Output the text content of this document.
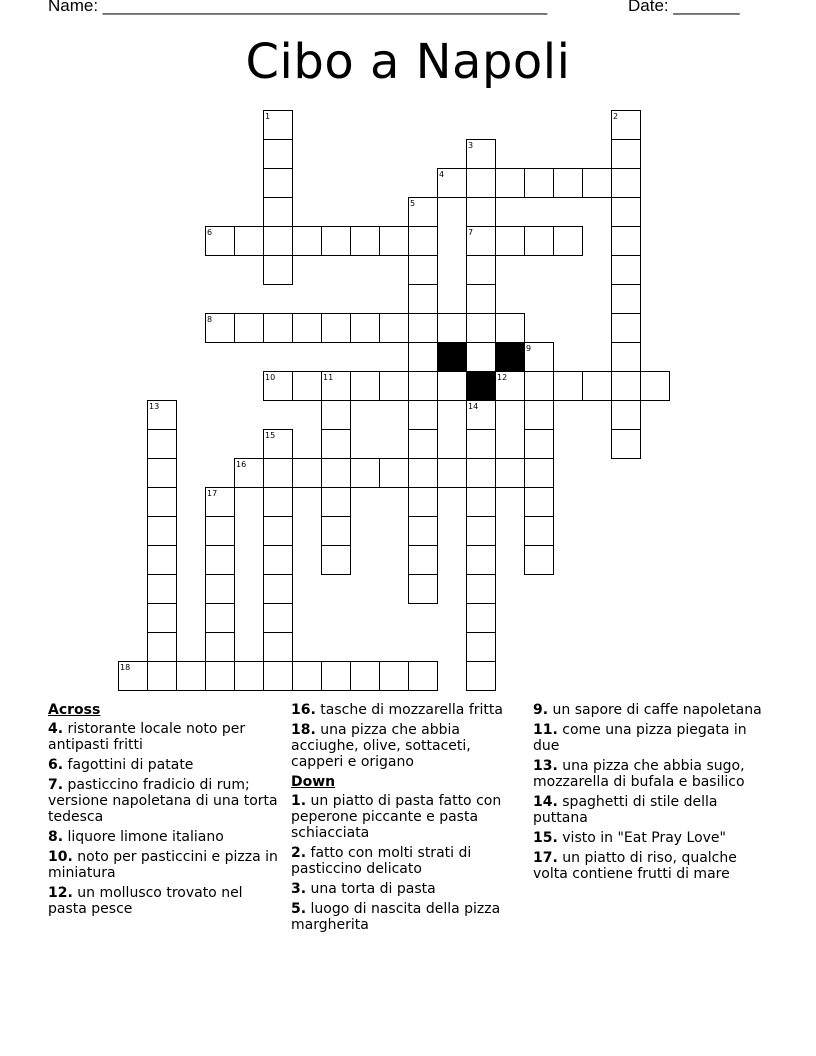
Name: _______________________________________________	Date: _______
Cibo a Napoli
1	2
3
4
5
6	7
8
9
10	11	12
13	14
15
16
17
18
Across
4. ristorante locale noto per antipasti fritti
6. fagottini di patate
7. pasticcino fradicio di rum; versione napoletana di una torta tedesca
8. liquore limone italiano
10. noto per pasticcini e pizza in miniatura
12. un mollusco trovato nel pasta pesce
16. tasche di mozzarella fritta
18. una pizza che abbia acciughe, olive, sottaceti, capperi e origano
Down
1. un piatto di pasta fatto con peperone piccante e pasta schiacciata
2. fatto con molti strati di pasticcino delicato
3. una torta di pasta
5. luogo di nascita della pizza margherita
9. un sapore di caffe napoletana
11. come una pizza piegata in due
13. una pizza che abbia sugo, mozzarella di bufala e basilico
14. spaghetti di stile della puttana
15. visto in "Eat Pray Love"
17. un piatto di riso, qualche volta contiene frutti di mare
